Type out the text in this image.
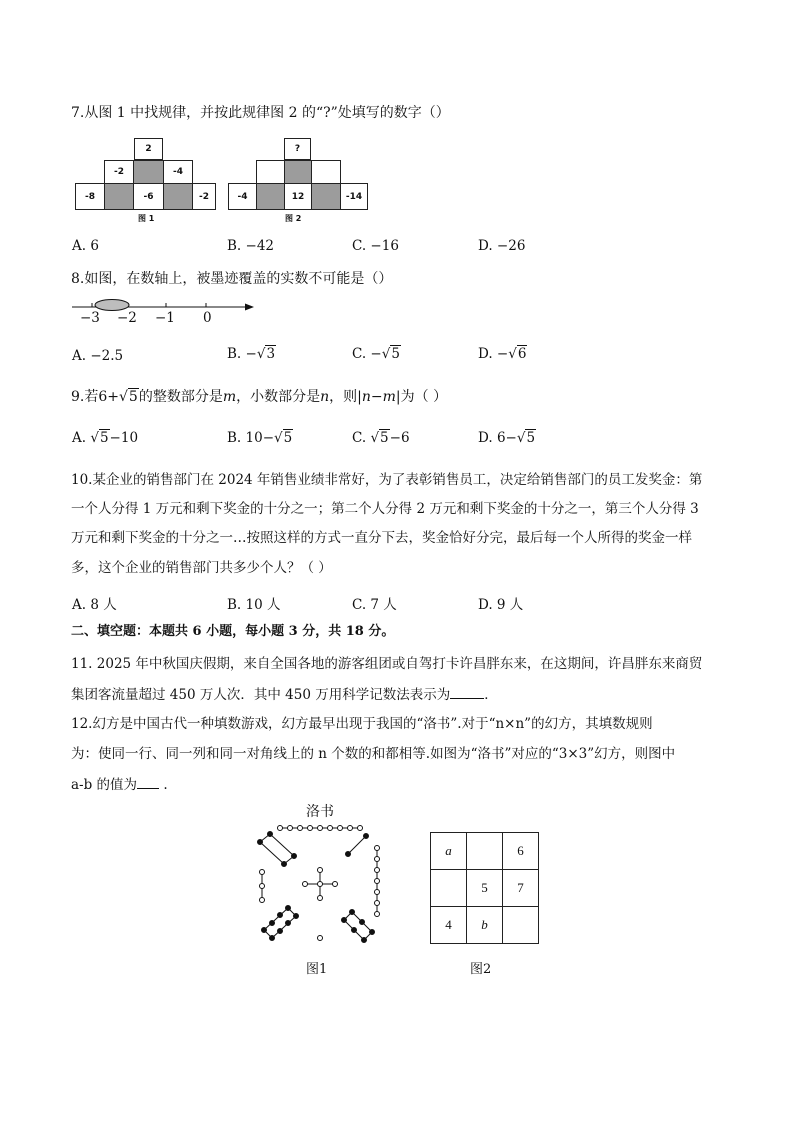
7.从图 1 中找规律，并按此规律图 2 的“?”处填写的数字（）
2
-2	-4
-8	-6	-2
图 1
?
-4	12	-14
图 2
A. 6	B. −42	C. −16	D. −26
8.如图，在数轴上，被墨迹覆盖的实数不可能是（）
−3 −2 −1 0
A. −2.5	B. − √ 3	C. − √ 5	D. − √ 6
9.若6+ √ 5的整数部分是m，小数部分是n，则|n−m|为（ ）
A. √ 5−10	B. 10− √ 5	C. √ 5−6	D. 6− √ 5
10.某企业的销售部门在 2024 年销售业绩非常好，为了表彰销售员工，决定给销售部门的员工发奖金：第
一个人分得 1 万元和剩下奖金的十分之一；第二个人分得 2 万元和剩下奖金的十分之一，第三个人分得 3
万元和剩下奖金的十分之一…按照这样的方式一直分下去，奖金恰好分完，最后每一个人所得的奖金一样
多，这个企业的销售部门共多少个人？（ ）
A. 8 人	B. 10 人	C. 7 人	D. 9 人
二、填空题：本题共 6 小题，每小题 3 分，共 18 分。
11. 2025 年中秋国庆假期，来自全国各地的游客组团或自驾打卡许昌胖东来，在这期间，许昌胖东来商贸
集团客流量超过 450 万人次．其中 450 万用科学记数法表示为	．
12.幻方是中国古代一种填数游戏，幻方最早出现于我国的“洛书”.对于“n×n”的幻方，其填数规则
为：使同一行、同一列和同一对角线上的 n 个数的和都相等.如图为“洛书”对应的“3×3”幻方，则图中
a-b 的值为 .
洛书
图1
a		6
	5	7
4	b	
图2
